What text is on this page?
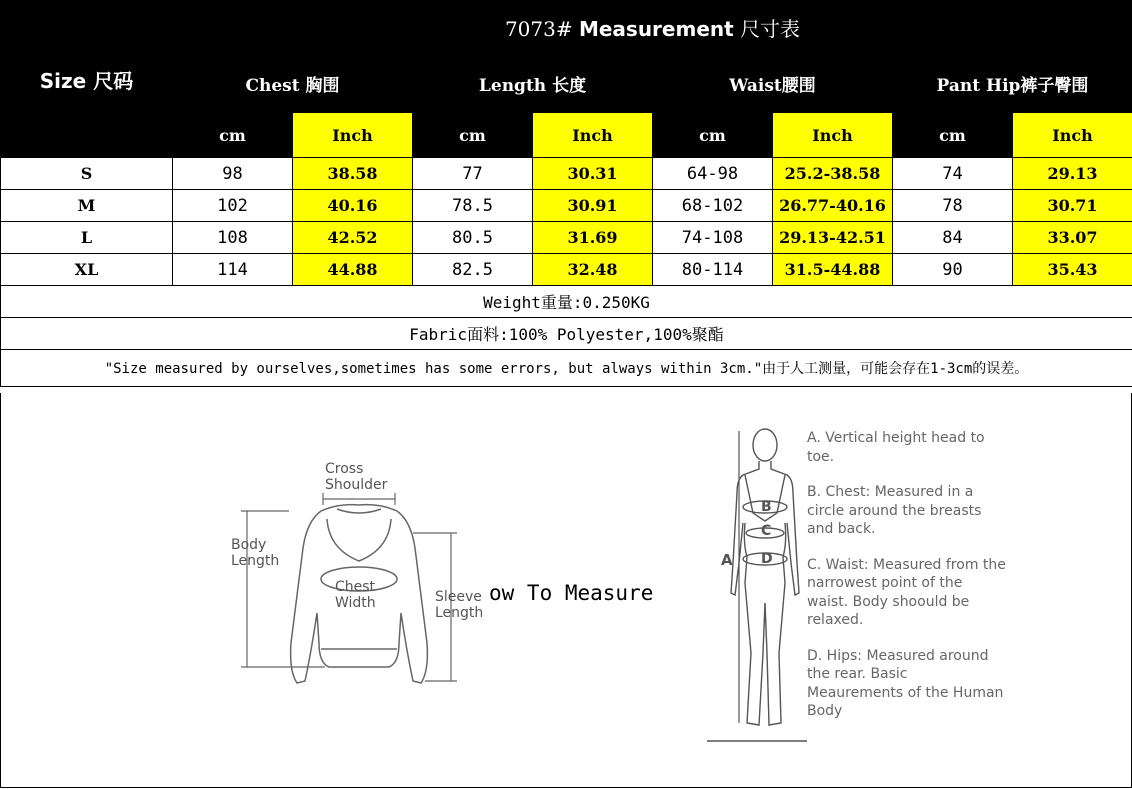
Size 尺码	7073# Measurement 尺寸表							
	Chest 胸围		Length 长度		Waist腰围		Pant Hip裤子臀围	
	cm	Inch	cm	Inch	cm	Inch	cm	Inch
S	98	38.58	77	30.31	64-98	25.2-38.58	74	29.13
M	102	40.16	78.5	30.91	68-102	26.77-40.16	78	30.71
L	108	42.52	80.5	31.69	74-108	29.13-42.51	84	33.07
XL	114	44.88	82.5	32.48	80-114	31.5-44.88	90	35.43
Weight重量:0.250KG								
Fabric面料:100% Polyester,100%聚酯								
"Size measured by ourselves,sometimes has some errors, but always within 3cm."由于人工测量，可能会存在1-3cm的误差。								
Cross
Shoulder
Body
Length
Chest
Width	Sleeve
Length
ow To Measure
A
B
C
D

A. Vertical height head to toe.

B. Chest: Measured in a circle around the breasts and back.

C. Waist: Measured from the narrowest point of the waist. Body shoould be relaxed.

D. Hips: Measured around the rear. Basic Meaurements of the Human Body
